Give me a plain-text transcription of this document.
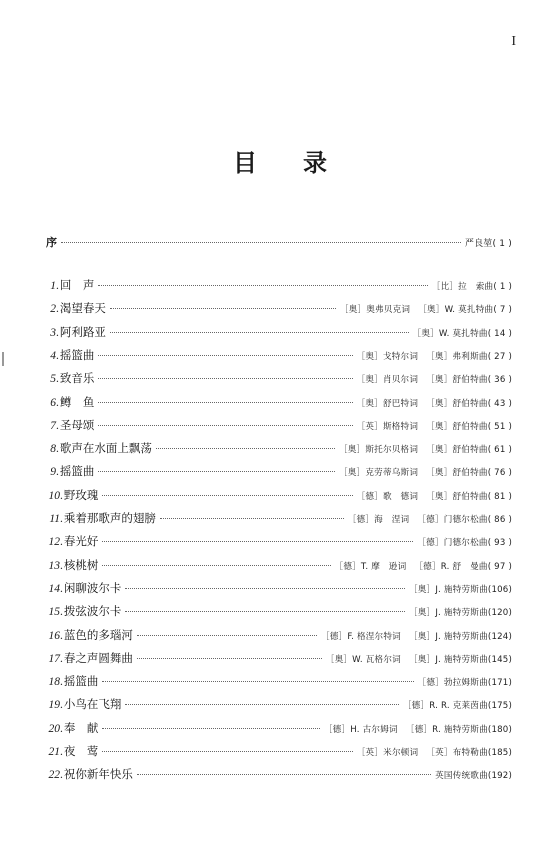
I
目 录
序	严良堃( 1 )
1 . 回　声	［比］拉　索曲( 1 )
2 . 渴望春天	［奥］奥弗贝克词 ［奥］W. 莫扎特曲( 7 )
3 . 阿利路亚	［奥］W. 莫扎特曲( 14 )
4 . 摇篮曲	［奥］戈特尔词 ［奥］弗利斯曲( 27 )
5 . 致音乐	［奥］肖贝尔词 ［奥］舒伯特曲( 36 )
6 . 鳟　鱼	［奥］舒巴特词 ［奥］舒伯特曲( 43 )
7 . 圣母颂	［英］斯格特词 ［奥］舒伯特曲( 51 )
8 . 歌声在水面上飘荡	［奥］斯托尔贝格词 ［奥］舒伯特曲( 61 )
9 . 摇篮曲	［奥］克劳蒂乌斯词 ［奥］舒伯特曲( 76 )
10 . 野玫瑰	［德］歌　德词 ［奥］舒伯特曲( 81 )
11 . 乘着那歌声的翅膀	［德］海　涅词 ［德］门德尔松曲( 86 )
12 . 春光好	［德］门德尔松曲( 93 )
13 . 核桃树	［德］T. 摩　逊词 ［德］R. 舒　曼曲( 97 )
14 . 闲聊波尔卡	［奥］J. 施特劳斯曲(106)
15 . 拨弦波尔卡	［奥］J. 施特劳斯曲(120)
16 . 蓝色的多瑙河	［德］F. 格涅尔特词 ［奥］J. 施特劳斯曲(124)
17 . 春之声圆舞曲	［奥］W. 瓦格尔词 ［奥］J. 施特劳斯曲(145)
18 . 摇篮曲	［德］勃拉姆斯曲(171)
19 . 小鸟在飞翔	［德］R. R. 克莱茵曲(175)
20 . 奉　献	［德］H. 古尔姆词 ［德］R. 施特劳斯曲(180)
21 . 夜　莺	［英］米尔顿词 ［英］布特勒曲(185)
22 . 祝你新年快乐	英国传统歌曲(192)
